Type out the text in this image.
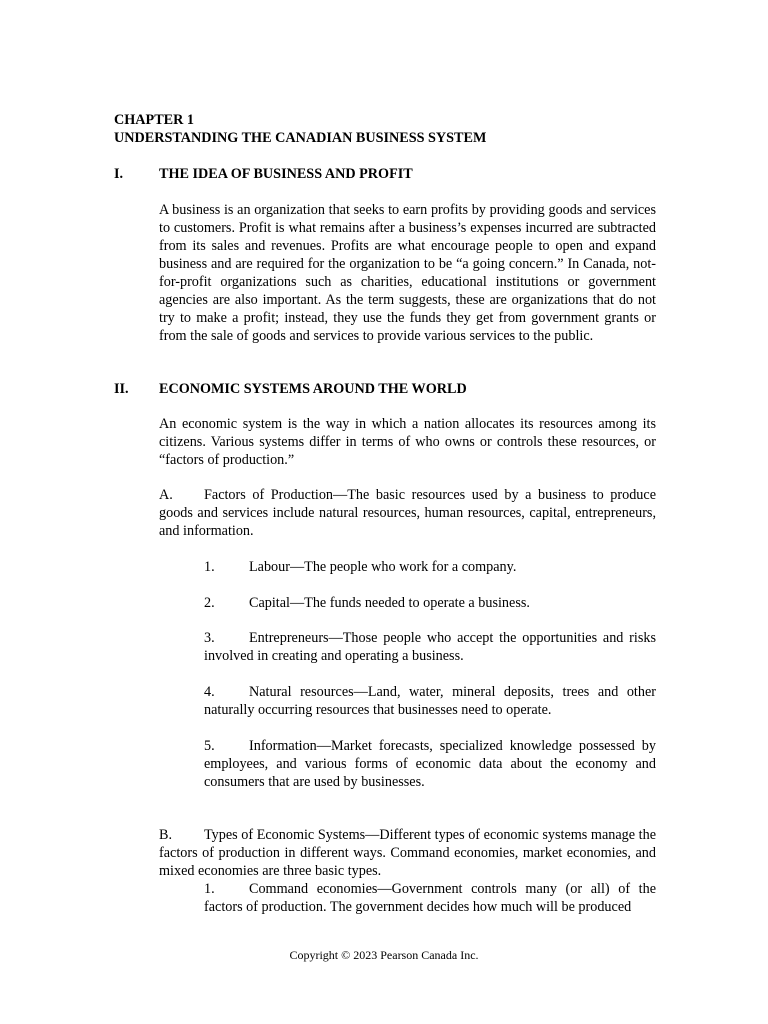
CHAPTER 1
UNDERSTANDING THE CANADIAN BUSINESS SYSTEM
I.	THE IDEA OF BUSINESS AND PROFIT
A business is an organization that seeks to earn profits by providing goods and services to customers. Profit is what remains after a business’s expenses incurred are subtracted from its sales and revenues. Profits are what encourage people to open and expand business and are required for the organization to be “a going concern.” In Canada, not-for-profit organizations such as charities, educational institutions or government agencies are also important. As the term suggests, these are organizations that do not try to make a profit; instead, they use the funds they get from government grants or from the sale of goods and services to provide various services to the public.
II. ECONOMIC SYSTEMS AROUND THE WORLD
An economic system is the way in which a nation allocates its resources among its citizens. Various systems differ in terms of who owns or controls these resources, or “factors of production.”
A. Factors of Production—The basic resources used by a business to produce goods and services include natural resources, human resources, capital, entrepreneurs, and information.
1. Labour—The people who work for a company.
2. Capital—The funds needed to operate a business.
3. Entrepreneurs—Those people who accept the opportunities and risks involved in creating and operating a business.
4. Natural resources—Land, water, mineral deposits, trees and other naturally occurring resources that businesses need to operate.
5. Information—Market forecasts, specialized knowledge possessed by employees, and various forms of economic data about the economy and consumers that are used by businesses.
B. Types of Economic Systems—Different types of economic systems manage the factors of production in different ways. Command economies, market economies, and mixed economies are three basic types.
1. Command economies—Government controls many (or all) of the factors of production. The government decides how much will be produced
Copyright © 2023 Pearson Canada Inc.
